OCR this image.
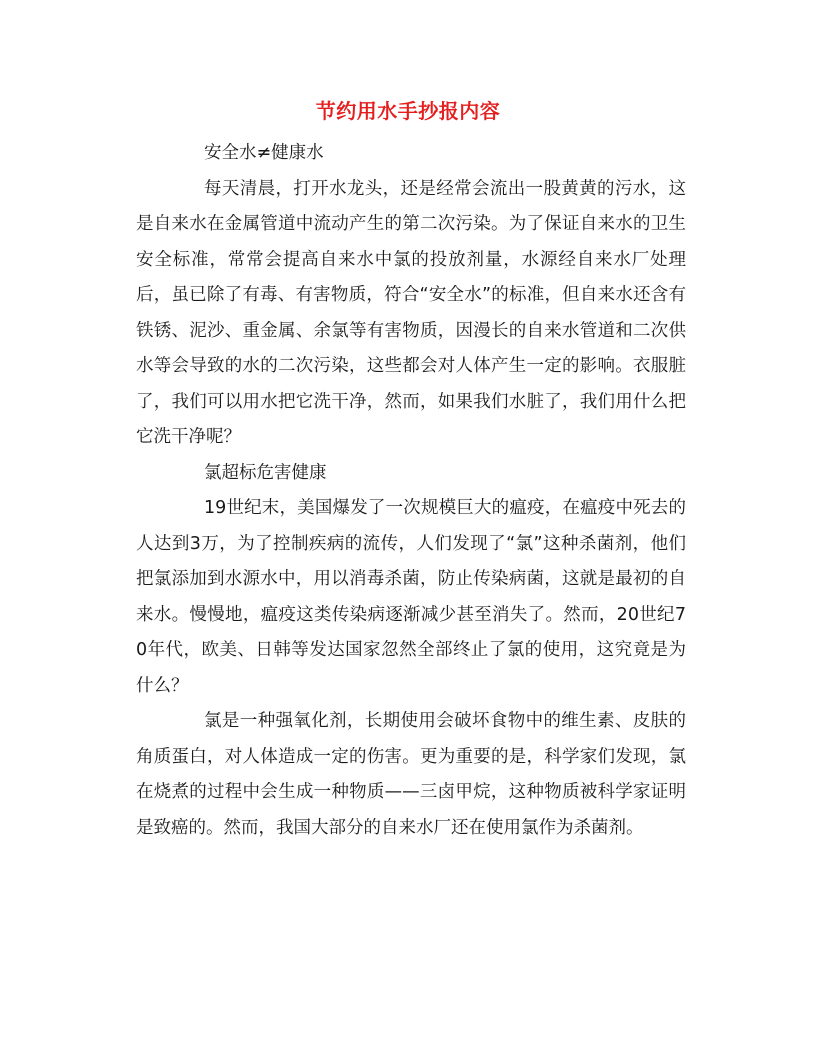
节约用水手抄报内容

安全水≠健康水

每天清晨，打开水龙头，还是经常会流出一股黄黄的污水，这是自来水在金属管道中流动产生的第二次污染。为了保证自来水的卫生安全标准，常常会提高自来水中氯的投放剂量，水源经自来水厂处理后，虽已除了有毒、有害物质，符合“安全水”的标准，但自来水还含有铁锈、泥沙、重金属、余氯等有害物质，因漫长的自来水管道和二次供水等会导致的水的二次污染，这些都会对人体产生一定的影响。衣服脏了，我们可以用水把它洗干净，然而，如果我们水脏了，我们用什么把它洗干净呢？

氯超标危害健康

19世纪末，美国爆发了一次规模巨大的瘟疫，在瘟疫中死去的人达到3万，为了控制疾病的流传，人们发现了“氯”这种杀菌剂，他们把氯添加到水源水中，用以消毒杀菌，防止传染病菌，这就是最初的自来水。慢慢地，瘟疫这类传染病逐渐减少甚至消失了。然而，20世纪70年代，欧美、日韩等发达国家忽然全部终止了氯的使用，这究竟是为什么？

氯是一种强氧化剂，长期使用会破坏食物中的维生素、皮肤的角质蛋白，对人体造成一定的伤害。更为重要的是，科学家们发现，氯在烧煮的过程中会生成一种物质——三卤甲烷，这种物质被科学家证明是致癌的。然而，我国大部分的自来水厂还在使用氯作为杀菌剂。
